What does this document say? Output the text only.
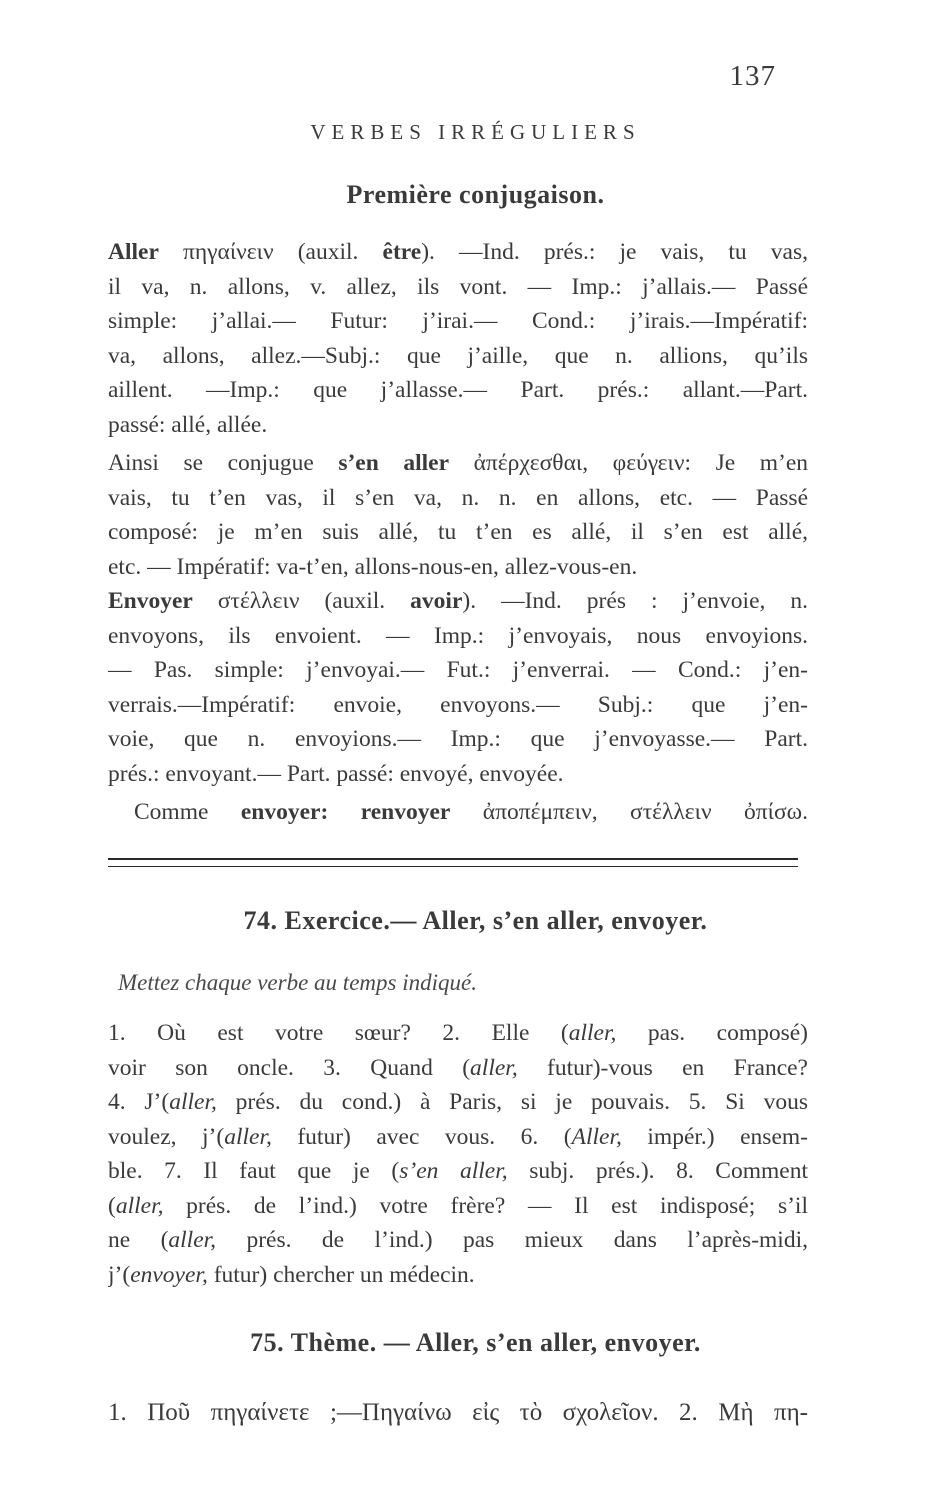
137
VERBES IRRÉGULIERS
Première conjugaison.
Aller πηγαίνειν (auxil. être). —Ind. prés.: je vais, tu vas,
il va, n. allons, v. allez, ils vont. — Imp.: j’allais.— Passé
simple: j’allai.— Futur: j’irai.— Cond.: j’irais.—Impératif:
va, allons, allez.—Subj.: que j’aille, que n. allions, qu’ils
aillent. —Imp.: que j’allasse.— Part. prés.: allant.—Part.
passé: allé, allée.
Ainsi se conjugue s’en aller ἀπέρχεσθαι, φεύγειν: Je m’en
vais, tu t’en vas, il s’en va, n. n. en allons, etc. — Passé
composé: je m’en suis allé, tu t’en es allé, il s’en est allé,
etc. — Impératif: va-t’en, allons-nous-en, allez-vous-en.
Envoyer στέλλειν (auxil. avoir). —Ind. prés : j’envoie, n.
envoyons, ils envoient. — Imp.: j’envoyais, nous envoyions.
— Pas. simple: j’envoyai.— Fut.: j’enverrai. — Cond.: j’en-
verrais.—Impératif: envoie, envoyons.— Subj.: que j’en-
voie, que n. envoyions.— Imp.: que j’envoyasse.— Part.
prés.: envoyant.— Part. passé: envoyé, envoyée.
Comme envoyer: renvoyer ἀποπέμπειν, στέλλειν ὀπίσω.
74. Exercice.— Aller, s’en aller, envoyer.
Mettez chaque verbe au temps indiqué.
1. Où est votre sœur? 2. Elle (aller, pas. composé)
voir son oncle. 3. Quand (aller, futur)-vous en France?
4. J’(aller, prés. du cond.) à Paris, si je pouvais. 5. Si vous
voulez, j’(aller, futur) avec vous. 6. (Aller, impér.) ensem-
ble. 7. Il faut que je (s’en aller, subj. prés.). 8. Comment
(aller, prés. de l’ind.) votre frère? — Il est indisposé; s’il
ne (aller, prés. de l’ind.) pas mieux dans l’après-midi,
j’(envoyer, futur) chercher un médecin.
75. Thème. — Aller, s’en aller, envoyer.
1. Ποῦ πηγαίνετε ;—Πηγαίνω εἰς τὸ σχολεῖον. 2. Μὴ πη-
